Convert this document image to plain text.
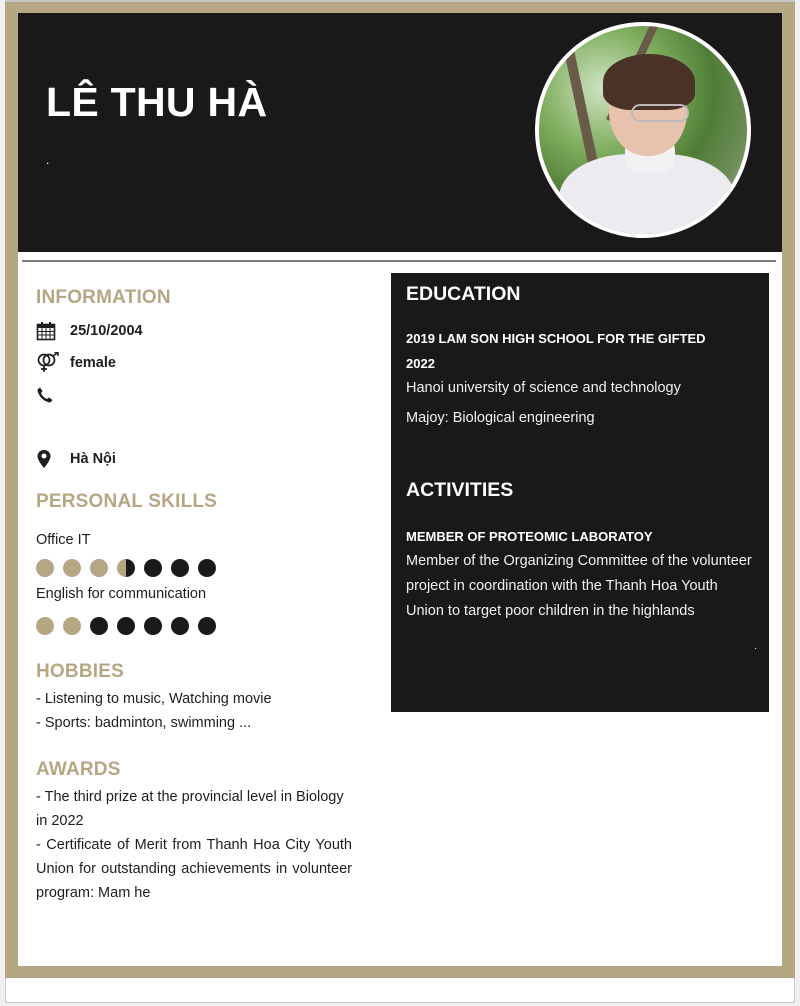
LÊ THU HÀ
.
INFORMATION
25/10/2004
female
Hà Nội
PERSONAL SKILLS
Office IT
English for communication
HOBBIES
- Listening to music, Watching movie
- Sports: badminton, swimming ...
AWARDS
- The third prize at the provincial level in Biology in 2022
- Certificate of Merit from Thanh Hoa City Youth Union for outstanding achievements in volunteer program: Mam he
EDUCATION
2019 LAM SON HIGH SCHOOL FOR THE GIFTED
2022
Hanoi university of science and technology
Majoy: Biological engineering
ACTIVITIES
MEMBER OF PROTEOMIC LABORATOY
Member of the Organizing Committee of the volunteer project in coordination with the Thanh Hoa Youth Union to target poor children in the highlands
.
